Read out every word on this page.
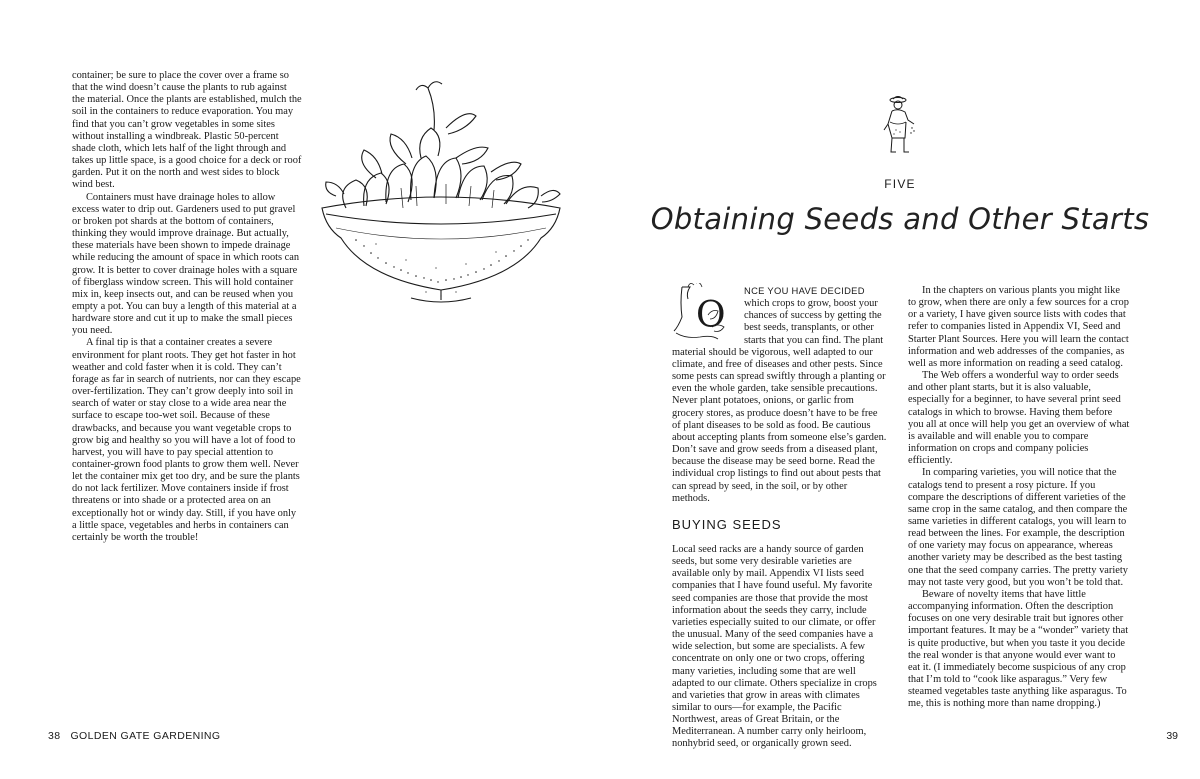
container; be sure to place the cover over a frame so that the wind doesn’t cause the plants to rub against the material. Once the plants are established, mulch the soil in the containers to reduce evaporation. You may find that you can’t grow vegetables in some sites without installing a windbreak. Plastic 50-percent shade cloth, which lets half of the light through and takes up little space, is a good choice for a deck or roof garden. Put it on the north and west sides to block wind best.

Containers must have drainage holes to allow excess water to drip out. Gardeners used to put gravel or broken pot shards at the bottom of containers, thinking they would improve drainage. But actually, these materials have been shown to impede drainage while reducing the amount of space in which roots can grow. It is better to cover drainage holes with a square of fiberglass window screen. This will hold container mix in, keep insects out, and can be reused when you empty a pot. You can buy a length of this material at a hardware store and cut it up to make the small pieces you need.

A final tip is that a container creates a severe environment for plant roots. They get hot faster in hot weather and cold faster when it is cold. They can’t forage as far in search of nutrients, nor can they escape over-fertilization. They can’t grow deeply into soil in search of water or stay close to a wide area near the surface to escape too-wet soil. Because of these drawbacks, and because you want vegetable crops to grow big and healthy so you will have a lot of food to harvest, you will have to pay special attention to container-grown food plants to grow them well. Never let the container mix get too dry, and be sure the plants do not lack fertilizer. Move containers inside if frost threatens or into shade or a protected area on an exceptionally hot or windy day. Still, if you have only a little space, vegetables and herbs in containers can certainly be worth the trouble!

38 GOLDEN GATE GARDENING
FIVE
Obtaining Seeds and Other Starts

O
NCE YOU HAVE DECIDED which crops to grow, boost your chances of success by getting the best seeds, transplants, or other starts that you can find. The plant material should be vigorous, well adapted to our climate, and free of diseases and other pests. Since some pests can spread swiftly through a planting or even the whole garden, take sensible precautions. Never plant potatoes, onions, or garlic from grocery stores, as produce doesn’t have to be free of plant diseases to be sold as food. Be cautious about accepting plants from someone else’s garden. Don’t save and grow seeds from a diseased plant, because the disease may be seed borne. Read the individual crop listings to find out about pests that can spread by seed, in the soil, or by other methods.

BUYING SEEDS

Local seed racks are a handy source of garden seeds, but some very desirable varieties are available only by mail. Appendix VI lists seed companies that I have found useful. My favorite seed companies are those that provide the most information about the seeds they carry, include varieties especially suited to our climate, or offer the unusual. Many of the seed companies have a wide selection, but some are specialists. A few concentrate on only one or two crops, offering many varieties, including some that are well adapted to our climate. Others specialize in crops and varieties that grow in areas with climates similar to ours—for example, the Pacific Northwest, areas of Great Britain, or the Mediterranean. A number carry only heirloom, nonhybrid seed, or organically grown seed.

In the chapters on various plants you might like to grow, when there are only a few sources for a crop or a variety, I have given source lists with codes that refer to companies listed in Appendix VI, Seed and Starter Plant Sources. Here you will learn the contact information and web addresses of the companies, as well as more information on reading a seed catalog.

The Web offers a wonderful way to order seeds and other plant starts, but it is also valuable, especially for a beginner, to have several print seed catalogs in which to browse. Having them before you all at once will help you get an overview of what is available and will enable you to compare information on crops and company policies efficiently.

In comparing varieties, you will notice that the catalogs tend to present a rosy picture. If you compare the descriptions of different varieties of the same crop in the same catalog, and then compare the same varieties in different catalogs, you will learn to read between the lines. For example, the description of one variety may focus on appearance, whereas another variety may be described as the best tasting one that the seed company carries. The pretty variety may not taste very good, but you won’t be told that.

Beware of novelty items that have little accompanying information. Often the description focuses on one very desirable trait but ignores other important features. It may be a “wonder” variety that is quite productive, but when you taste it you decide the real wonder is that anyone would ever want to eat it. (I immediately become suspicious of any crop that I’m told to “cook like asparagus.” Very few steamed vegetables taste anything like asparagus. To me, this is nothing more than name dropping.)

39
